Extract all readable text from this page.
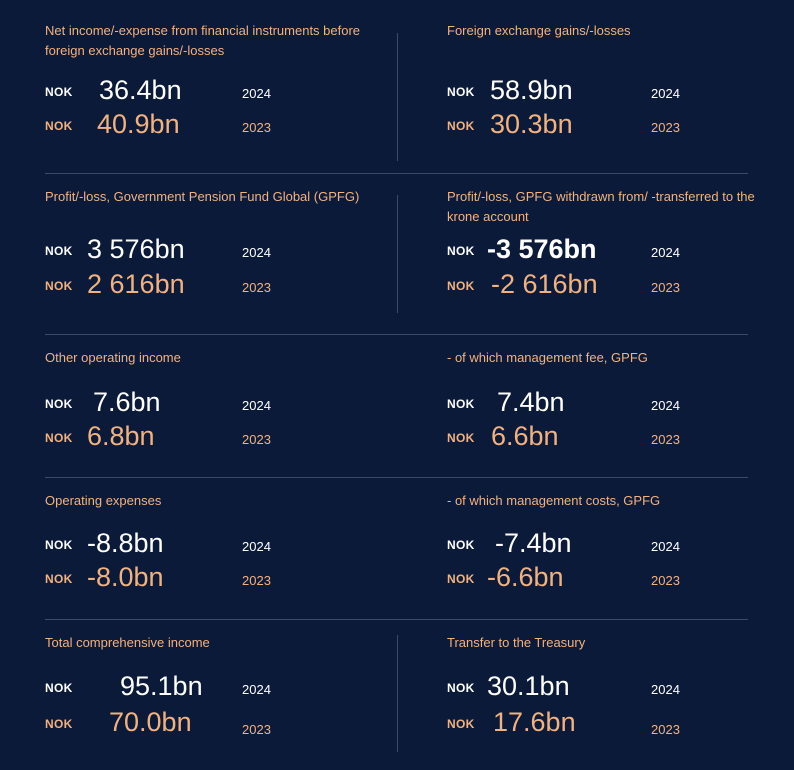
Net income/-expense from financial instruments before foreign exchange gains/-losses
NOK 36.4bn	2024
NOK 40.9bn	2023
Foreign exchange gains/-losses
NOK 58.9bn	2024
NOK 30.3bn	2023
Profit/-loss, Government Pension Fund Global (GPFG)
NOK 3 576bn	2024
NOK 2 616bn	2023
Profit/-loss, GPFG withdrawn from/ -transferred to the krone account
NOK -3 576bn	2024
NOK -2 616bn	2023
Other operating income
NOK 7.6bn	2024
NOK 6.8bn	2023
- of which management fee, GPFG
NOK 7.4bn	2024
NOK 6.6bn	2023
Operating expenses
NOK -8.8bn	2024
NOK -8.0bn	2023
- of which management costs, GPFG
NOK -7.4bn	2024
NOK -6.6bn	2023
Total comprehensive income
NOK 95.1bn	2024
NOK 70.0bn	2023
Transfer to the Treasury
NOK 30.1bn	2024
NOK 17.6bn	2023
